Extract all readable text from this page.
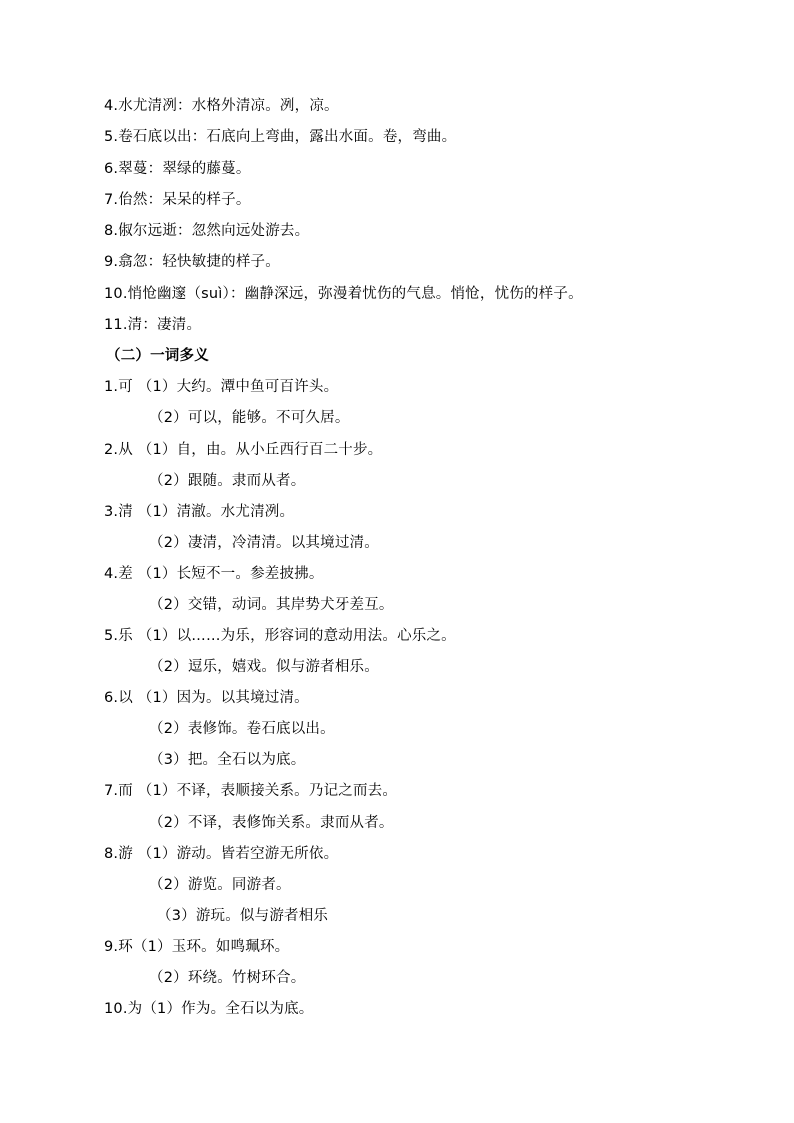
4.水尤清冽：水格外清凉。冽，凉。
5.卷石底以出：石底向上弯曲，露出水面。卷，弯曲。
6.翠蔓：翠绿的藤蔓。
7.佁然：呆呆的样子。
8.俶尔远逝：忽然向远处游去。
9.翕忽：轻快敏捷的样子。
10.悄怆幽邃（suì）：幽静深远，弥漫着忧伤的气息。悄怆，忧伤的样子。
11.清：凄清。
（二）一词多义
1.可 （1）大约。潭中鱼可百许头。
（2）可以，能够。不可久居。
2.从 （1）自，由。从小丘西行百二十步。
（2）跟随。隶而从者。
3.清 （1）清澈。水尤清冽。
（2）凄清，冷清清。以其境过清。
4.差 （1）长短不一。参差披拂。
（2）交错，动词。其岸势犬牙差互。
5.乐 （1）以……为乐，形容词的意动用法。心乐之。
（2）逗乐，嬉戏。似与游者相乐。
6.以 （1）因为。以其境过清。
（2）表修饰。卷石底以出。
（3）把。全石以为底。
7.而 （1）不译，表顺接关系。乃记之而去。
（2）不译，表修饰关系。隶而从者。
8.游 （1）游动。皆若空游无所依。
（2）游览。同游者。
（3）游玩。似与游者相乐
9.环（1）玉环。如鸣珮环。
（2）环绕。竹树环合。
10.为（1）作为。全石以为底。
